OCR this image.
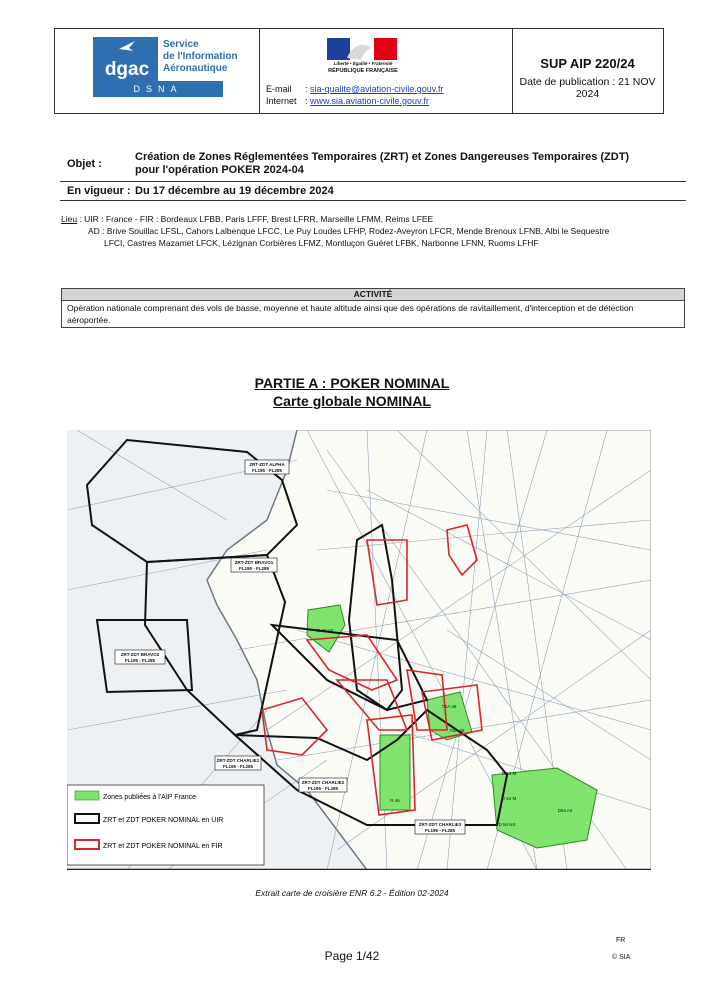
dgac
Service
de l'Information
Aéronautique
DSNA
Liberté • Égalité • Fraternité
RÉPUBLIQUE FRANÇAISE
E-mail : sia-qualite@aviation-civile.gouv.fr
Internet : www.sia.aviation-civile.gouv.fr
SUP AIP 220/24
Date de publication : 21 NOV 2024
Objet :
Création de Zones Réglementées Temporaires (ZRT) et Zones Dangereuses Temporaires (ZDT)
pour l'opération POKER 2024-04
En vigueur : Du 17 décembre au 19 décembre 2024
Lieu : UIR : France - FIR : Bordeaux LFBB, Paris LFFF, Brest LFRR, Marseille LFMM, Reims LFEE
AD : Brive Souillac LFSL, Cahors Lalbenque LFCC, Le Puy Loudes LFHP, Rodez-Aveyron LFCR, Mende Brenoux LFNB, Albi le Sequestre
LFCI, Castres Mazamet LFCK, Lézignan Corbières LFMZ, Montluçon Guéret LFBK, Narbonne LFNN, Ruoms LFHF
ACTIVITÉ
Opération nationale comprenant des vols de basse, moyenne et haute altitude ainsi que des opérations de ravitaillement, d'interception et de détection
aéroportée.
PARTIE A : POKER NOMINAL
Carte globale NOMINAL
ZRT-ZDT ALPHA
FL195 - FL285
ZRT-ZDT BRAVO1
FL195 - FL285
ZRT-ZDT BRAVO2
FL195 - FL285
ZRT-ZDT CHARLIE1
FL195 - FL285
ZRT-ZDT CHARLIE2
FL195 - FL285
ZRT-ZDT CHARLIE3
FL195 - FL285
R 49 H2
R 46
TSA 46
TSA 46
D 54 M
D 54 M
D54 A2
D 54 NS
Zones publiées à l'AIP France
ZRT et ZDT POKER NOMINAL en UIR
ZRT et ZDT POKER NOMINAL en FIR
Extrait carte de croisière ENR 6.2 - Édition 02-2024
Page 1/42
FR
© SIA
